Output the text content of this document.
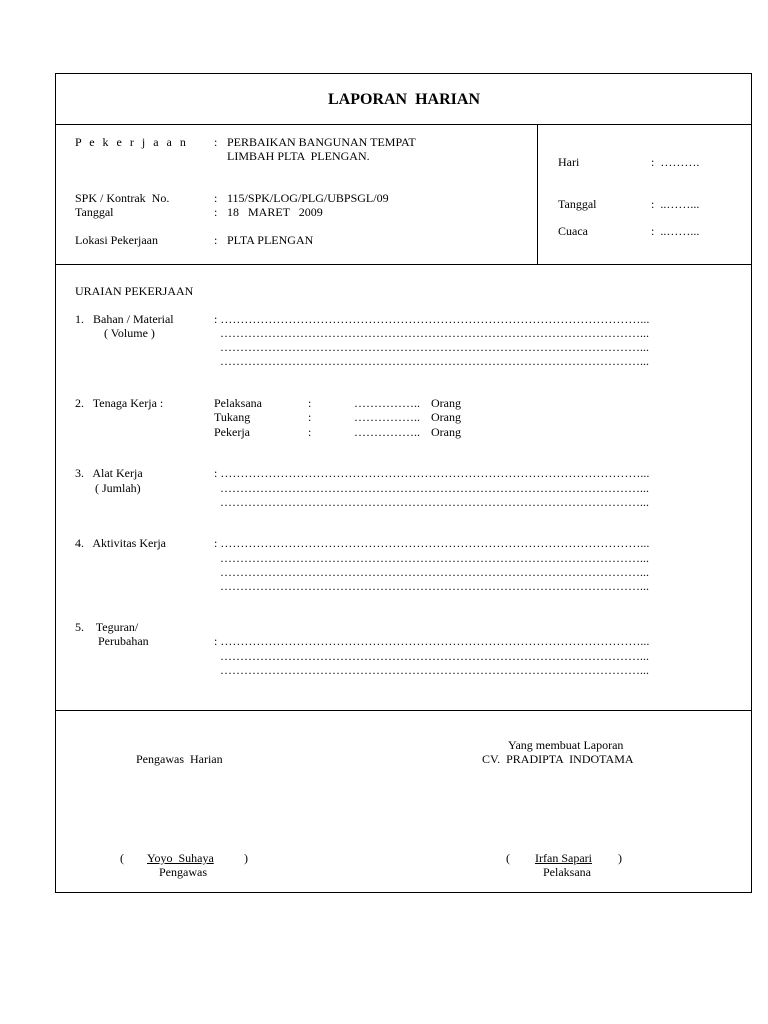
LAPORAN  HARIAN
P e k e r j a a n : PERBAIKAN BANGUNAN TEMPAT
LIMBAH PLTA  PLENGAN.
SPK / Kontrak  No.	: 115/SPK/LOG/PLG/UBPSGL/09
Tanggal	: 18   MARET   2009
Lokasi Pekerjaan	: PLTA PLENGAN
Hari	:  ……….
Tanggal	:  ..……...
Cuaca	:  ..……...
URAIAN PEKERJAAN
1.   Bahan / Material
( Volume )
: ……………………………………………………………………………………………...
……………………………………………………………………………………………...
……………………………………………………………………………………………...
……………………………………………………………………………………………...
2.   Tenaga Kerja :	Pelaksana	:	…………….. Orang
Tukang	:	…………….. Orang
Pekerja	:	…………….. Orang
3.   Alat Kerja
( Jumlah)
: ……………………………………………………………………………………………...
……………………………………………………………………………………………...
……………………………………………………………………………………………...
4.   Aktivitas Kerja	: ……………………………………………………………………………………………...
……………………………………………………………………………………………...
……………………………………………………………………………………………...
……………………………………………………………………………………………...
5.    Teguran/
Perubahan	: ……………………………………………………………………………………………...
……………………………………………………………………………………………...
……………………………………………………………………………………………...
Yang membuat Laporan
Pengawas  Harian	CV.  PRADIPTA  INDOTAMA
( Yoyo  Suhaya	)
Pengawas
( Irfan Sapari )
Pelaksana
